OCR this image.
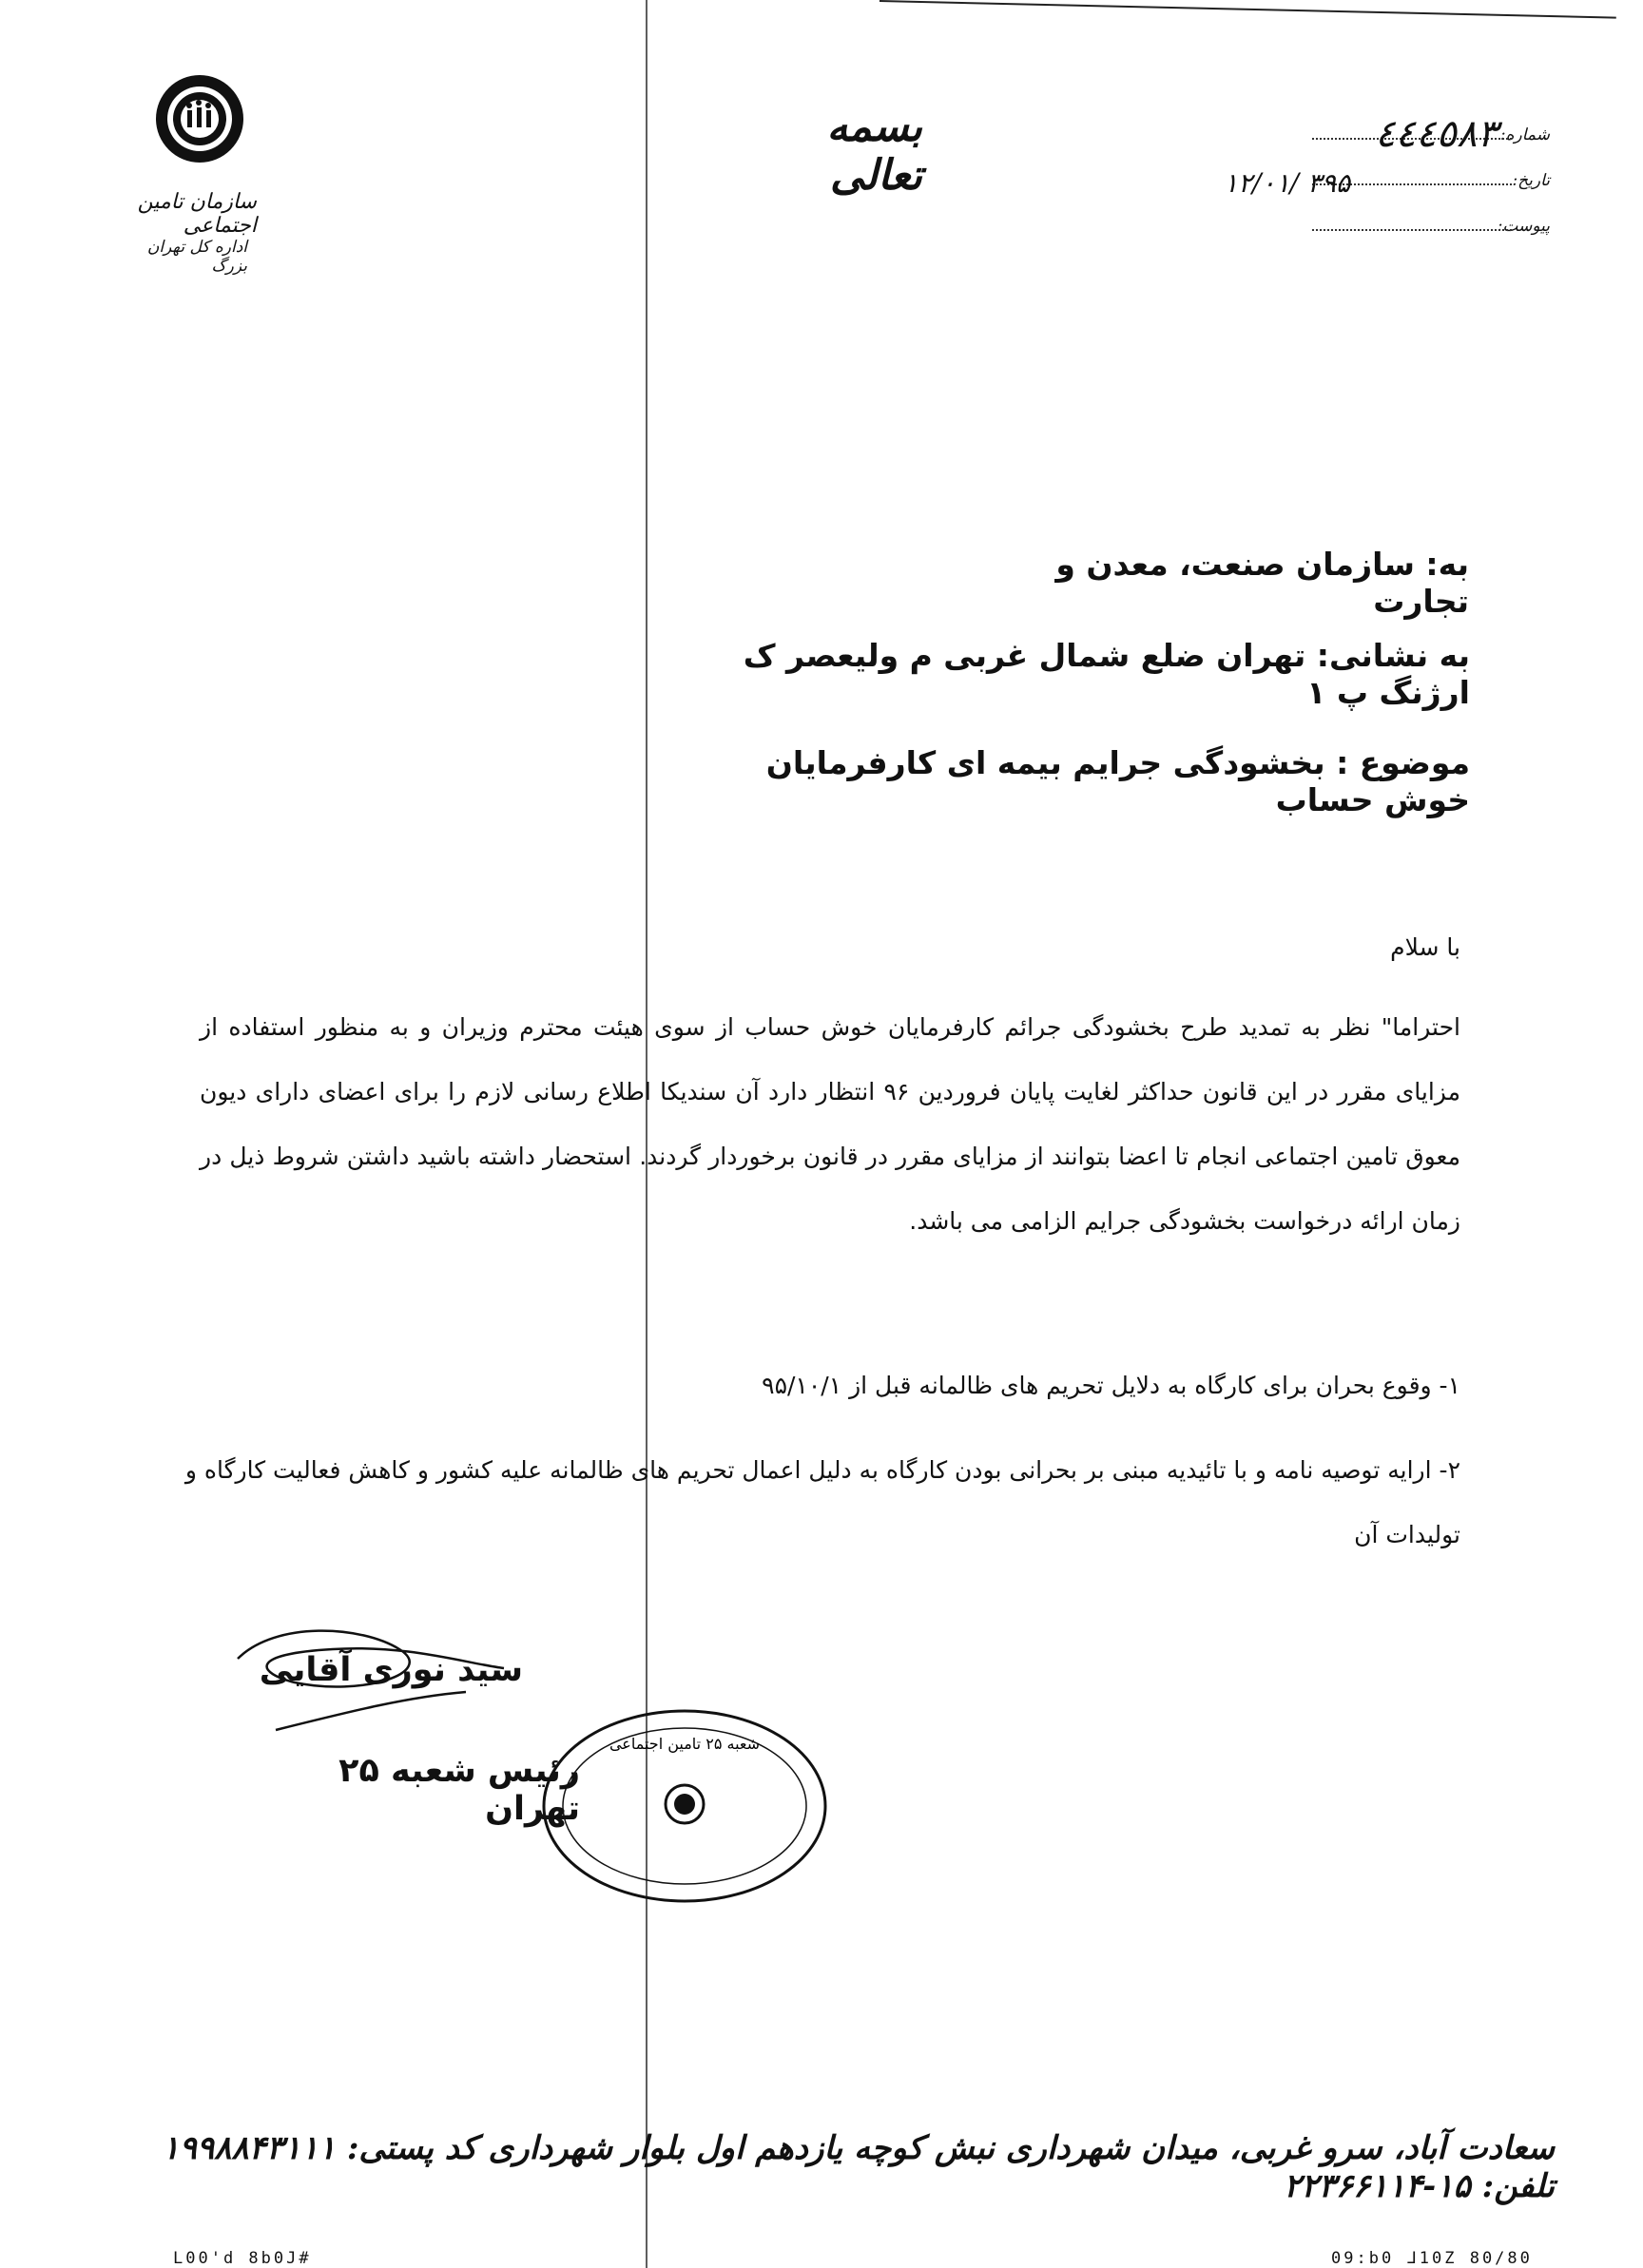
سازمان تامین اجتماعی
اداره کل تهران بزرگ
بسمه تعالی
شماره:
٤٤٤٥٨٣
تاریخ:
۳۹۵ /۱۲/۰۱
پیوست:
به: سازمان صنعت، معدن و تجارت
به نشانی: تهران ضلع شمال غربی م ولیعصر ک ارژنگ پ ۱
موضوع : بخشودگی جرایم بیمه ای کارفرمایان خوش حساب
با سلام
احتراما" نظر به تمدید طرح بخشودگی جرائم کارفرمایان خوش حساب از سوی هیئت محترم وزیران و به منظور استفاده از مزایای مقرر در این قانون حداکثر لغایت پایان فروردین ۹۶ انتظار دارد آن سندیکا اطلاع رسانی لازم را برای اعضای دارای دیون معوق تامین اجتماعی انجام تا اعضا بتوانند از مزایای مقرر در قانون برخوردار گردند. استحضار داشته باشید داشتن شروط ذیل در زمان ارائه درخواست بخشودگی جرایم الزامی می باشد.
۱- وقوع بحران برای کارگاه به دلایل تحریم های ظالمانه قبل از ۹۵/۱۰/۱
۲- ارایه توصیه نامه و با تائیدیه مبنی بر بحرانی بودن کارگاه به دلیل اعمال تحریم های ظالمانه علیه کشور و کاهش فعالیت کارگاه و تولیدات آن
سید نوری آقایی
رئیس شعبه ۲۵ تهران
شعبه ۲۵ تامین اجتماعی
سعادت آباد، سرو غربی، میدان شهرداری نبش کوچه یازدهم اول بلوار شهرداری کد پستی: ۱۹۹۸۸۴۳۱۱۱ تلفن: ۱۵-۲۲۳۶۶۱۱۴
L00'd 8b0J#	09:b0 ᒧ10Z 80/80
